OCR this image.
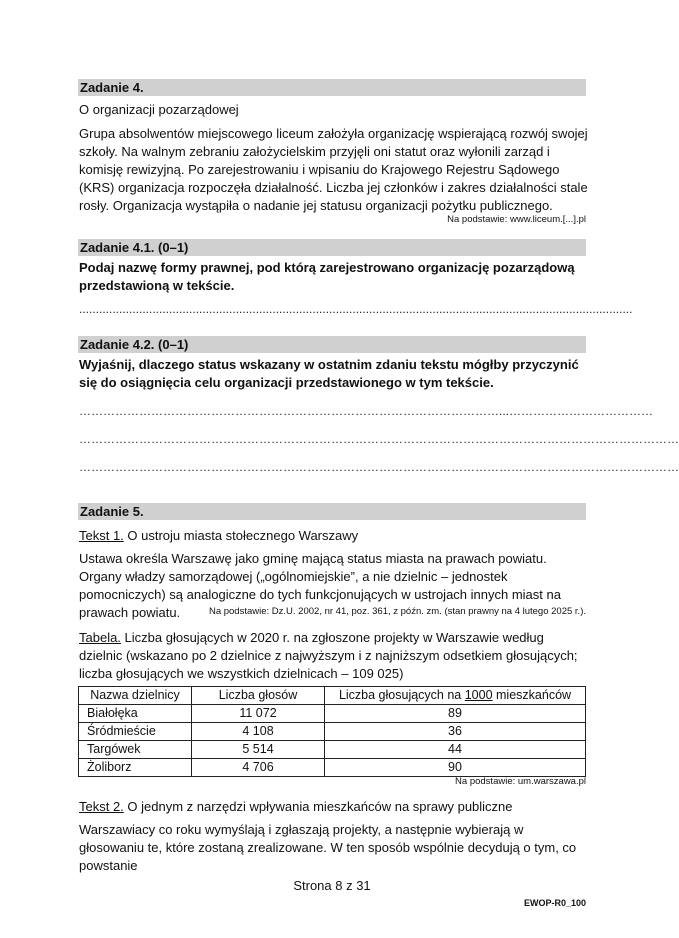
Zadanie 4.
O organizacji pozarządowej
Grupa absolwentów miejscowego liceum założyła organizację wspierającą rozwój swojej szkoły. Na walnym zebraniu założycielskim przyjęli oni statut oraz wyłonili zarząd i komisję rewizyjną. Po zarejestrowaniu i wpisaniu do Krajowego Rejestru Sądowego (KRS) organizacja rozpoczęła działalność. Liczba jej członków i zakres działalności stale rosły. Organizacja wystąpiła o nadanie jej statusu organizacji pożytku publicznego.
Na podstawie: www.liceum.[...].pl
Zadanie 4.1. (0–1)
Podaj nazwę formy prawnej, pod którą zarejestrowano organizację pozarządową przedstawioną w tekście.
......................................................................................................................................................................
Zadanie 4.2. (0–1)
Wyjaśnij, dlaczego status wskazany w ostatnim zdaniu tekstu mógłby przyczynić się do osiągnięcia celu organizacji przedstawionego w tym tekście.
……………………………………………………………………………………………...………………………………
……………………………………………………………………………………………………………………………………
……………………………………………………………………………………………………………………………………
Zadanie 5.
Tekst 1. O ustroju miasta stołecznego Warszawy
Ustawa określa Warszawę jako gminę mającą status miasta na prawach powiatu. Organy władzy samorządowej („ogólnomiejskie”, a nie dzielnic – jednostek pomocniczych) są analogiczne do tych funkcjonujących w ustrojach innych miast na prawach powiatu.	Na podstawie: Dz.U. 2002, nr 41, poz. 361, z późn. zm. (stan prawny na 4 lutego 2025 r.).
Tabela. Liczba głosujących w 2020 r. na zgłoszone projekty w Warszawie według dzielnic (wskazano po 2 dzielnice z najwyższym i z najniższym odsetkiem głosujących; liczba głosujących we wszystkich dzielnicach – 109 025)
Nazwa dzielnicy	Liczba głosów	Liczba głosujących na 1000 mieszkańców
Białołęka	11 072	89
Śródmieście	4 108	36
Targówek	5 514	44
Żoliborz	4 706	90
Na podstawie: um.warszawa.pl
Tekst 2. O jednym z narzędzi wpływania mieszkańców na sprawy publiczne
Warszawiacy co roku wymyślają i zgłaszają projekty, a następnie wybierają w głosowaniu te, które zostaną zrealizowane. W ten sposób wspólnie decydują o tym, co powstanie
Strona 8 z 31
EWOP-R0_100
